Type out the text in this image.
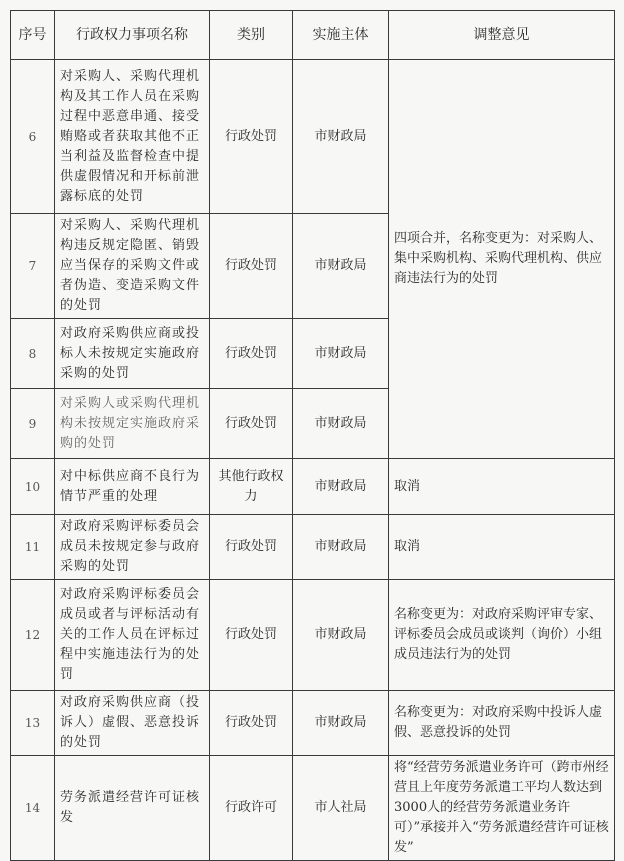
序号	行政权力事项名称	类别	实施主体	调整意见
6	对采购人、采购代理机构及其工作人员在采购过程中恶意串通、接受贿赂或者获取其他不正当利益及监督检查中提供虚假情况和开标前泄露标底的处罚	行政处罚	市财政局	四项合并，名称变更为：对采购人、集中采购机构、采购代理机构、供应商违法行为的处罚
7	对采购人、采购代理机构违反规定隐匿、销毁应当保存的采购文件或者伪造、变造采购文件的处罚	行政处罚	市财政局	
8	对政府采购供应商或投标人未按规定实施政府采购的处罚	行政处罚	市财政局	
9	对采购人或采购代理机构未按规定实施政府采购的处罚	行政处罚	市财政局	
10	对中标供应商不良行为情节严重的处理	其他行政权力	市财政局	取消
11	对政府采购评标委员会成员未按规定参与政府采购的处罚	行政处罚	市财政局	取消
12	对政府采购评标委员会成员或者与评标活动有关的工作人员在评标过程中实施违法行为的处罚	行政处罚	市财政局	名称变更为：对政府采购评审专家、评标委员会成员或谈判（询价）小组成员违法行为的处罚
13	对政府采购供应商（投诉人）虚假、恶意投诉的处罚	行政处罚	市财政局	名称变更为：对政府采购中投诉人虚假、恶意投诉的处罚
14	劳务派遣经营许可证核发	行政许可	市人社局	将“经营劳务派遣业务许可（跨市州经营且上年度劳务派遣工平均人数达到3000人的经营劳务派遣业务许可）”承接并入“劳务派遣经营许可证核发”
